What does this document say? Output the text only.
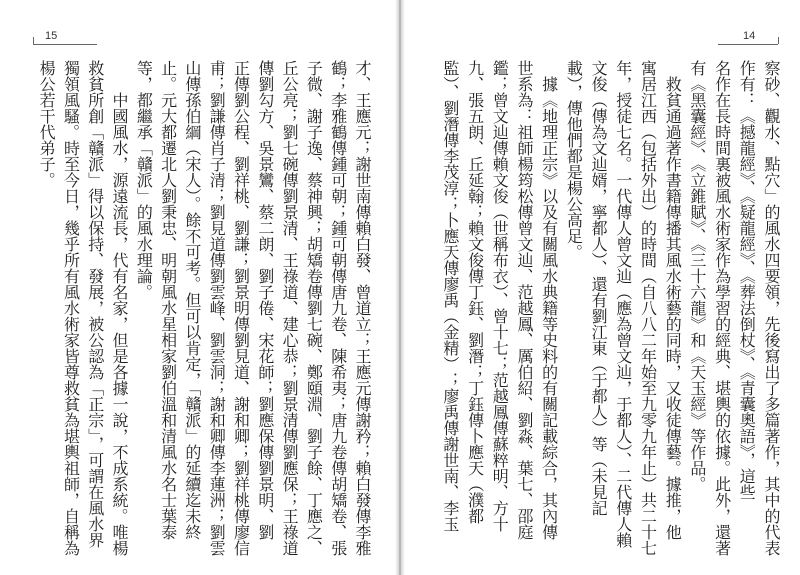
15
才、王應元；謝世南傳賴白發、曾道立；王應元傳謝矜；賴白發傳李雅
鶴；李雅鶴傳鍾可朝；鍾可朝傳唐九卷、陳希夷；唐九卷傳胡矯卷、張
子微、謝子逸、蔡神興；胡矯卷傳劉七碗、鄭頤淵、劉子餘、丁應之、
丘公亮；劉七碗傳劉景清、王祿道、建心恭；劉景清傳劉應保；王祿道
傳劉勾方、吳景鸞、蔡二朗、劉子倦、宋花師；劉應保傳劉景明、劉
正傳劉公程、劉祥桃、劉謙；劉景明傳劉見道、謝和卿；劉祥桃傳廖信
甫；劉謙傳肖子清；劉見道傳劉雲峰、劉雲洞；謝和卿傳李蓮洲；劉雲
山傳孫伯綱（宋人）。餘不可考。但可以肯定，「贛派」的延續迄未終
止。元大都遷北人劉秉忠、明朝風水星相家劉伯溫和清風水名士葉泰
等，都繼承「贛派」的風水理論。
中國風水，源遠流長，代有名家，但是各據一說，不成系統。唯楊
救貧所創「贛派」得以保持、發展，被公認為「正宗」，可謂在風水界
獨領風騷。時至今日，幾乎所有風水術家皆尊救貧為堪輿祖師，自稱為
楊公若干代弟子。
14
察砂、觀水、點穴」的風水四要領，先後寫出了多篇著作，其中的代表
作有：《撼龍經》、《疑龍經》、《葬法倒杖》、《青囊奧語》，這些
名作在長時間裏被風水術家作為學習的經典、堪輿的依據。此外，還著
有《黑囊經》、《立錐賦》、《三十六龍》和《天玉經》等作品。
救貧通過著作書籍傳播其風水術藝的同時，又收徒傳藝。據推，他
寓居江西（包括外出）的時間（自八八二年始至九零九年止）共二十七
年，授徒七名。一代傳人曾文辿（應為曾文辿，于都人）、二代傳人賴
文俊（傳為文辿婿，寧都人）、還有劉江東（于都人）等（未見記
載），傳他們都是楊公高足。
據《地理正宗》以及有關風水典籍等史料的有關記載綜合，其內傳
世系為：祖師楊筠松傳曾文辿、范越鳳、厲伯紹、劉淼、葉七、邵庭
鑑；曾文辿傳賴文俊（世稱布衣）、曾十七；范越鳳傳蘇粹明、方十
九、張五朗、丘延翰；賴文俊傳丁鈺、劉潛；丁鈺傳卜應天（濮都
監）、劉潛傳李茂淳；卜應天傳廖禹（金精）；廖禹傳謝世南、李玉
